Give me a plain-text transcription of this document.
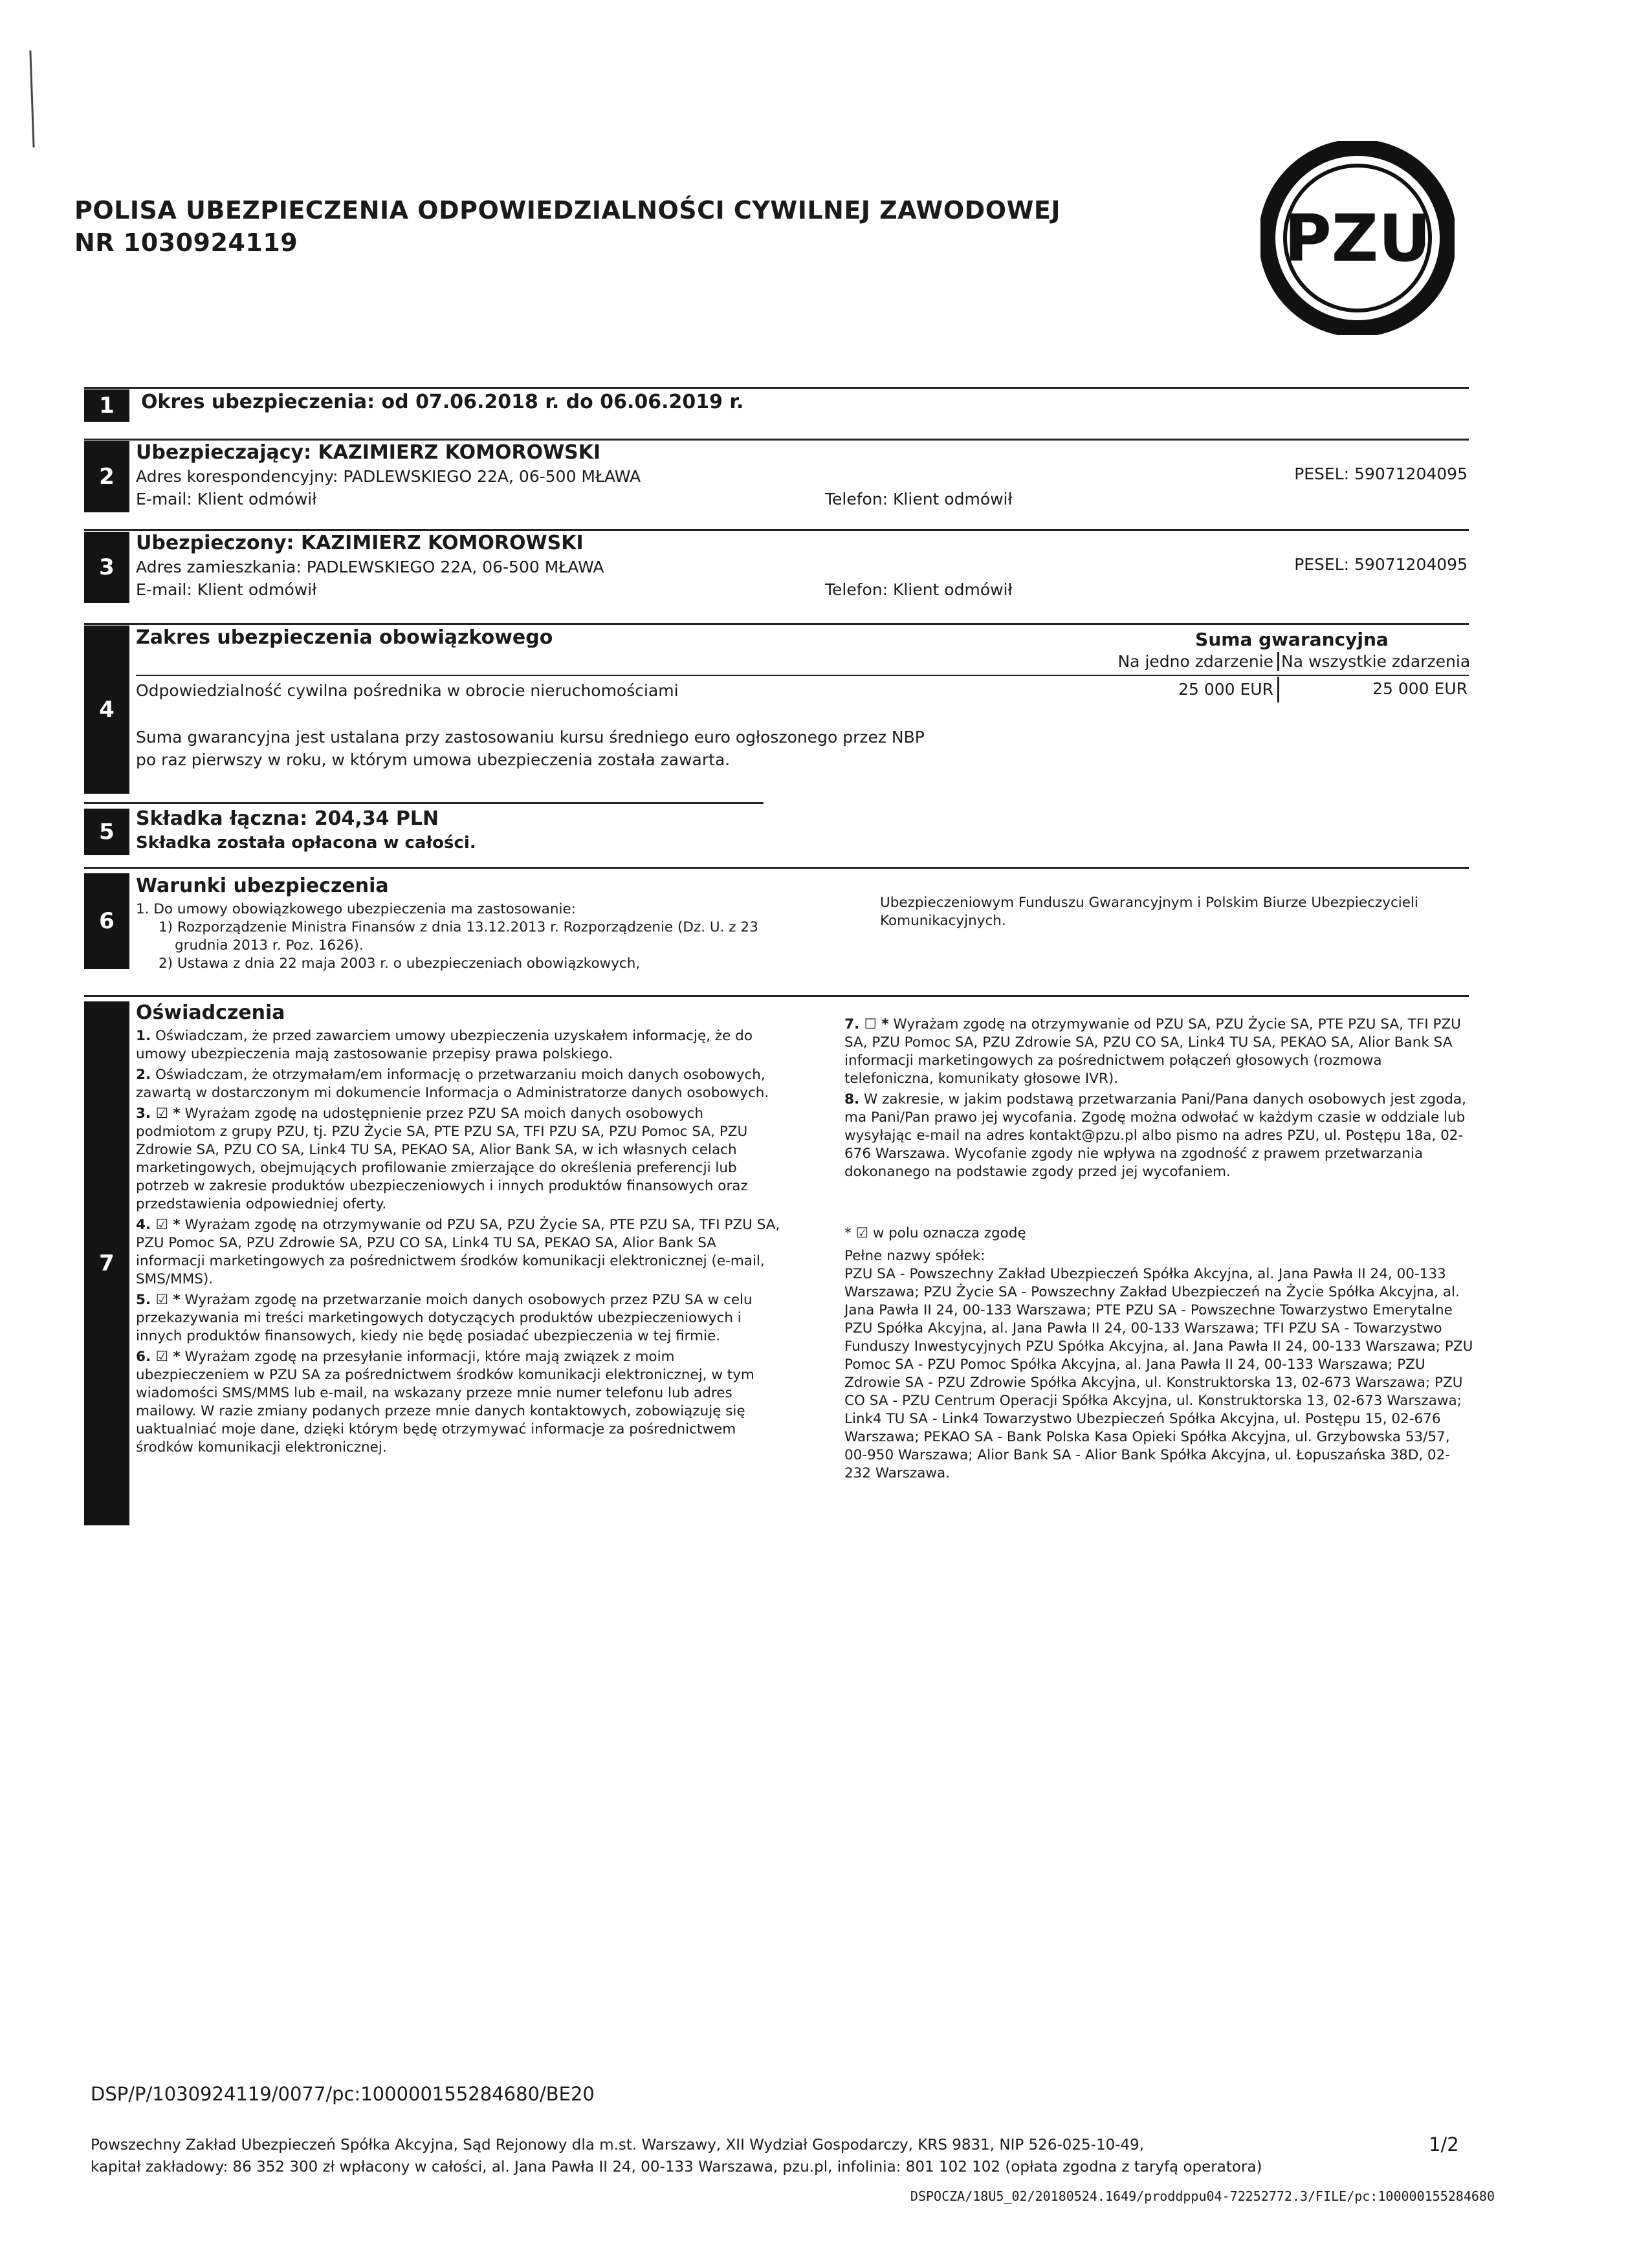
POLISA UBEZPIECZENIA ODPOWIEDZIALNOŚCI CYWILNEJ ZAWODOWEJ
NR 1030924119	PZU
1	Okres ubezpieczenia: od 07.06.2018 r. do 06.06.2019 r.
2
Ubezpieczający: KAZIMIERZ KOMOROWSKI
Adres korespondencyjny: PADLEWSKIEGO 22A, 06-500 MŁAWA
E-mail: Klient odmówił	Telefon: Klient odmówił
PESEL: 59071204095
3
Ubezpieczony: KAZIMIERZ KOMOROWSKI
Adres zamieszkania: PADLEWSKIEGO 22A, 06-500 MŁAWA
E-mail: Klient odmówił	Telefon: Klient odmówił
PESEL: 59071204095
4
Zakres ubezpieczenia obowiązkowego	Suma gwarancyjna
Na jedno zdarzenie Na wszystkie zdarzenia
Odpowiedzialność cywilna pośrednika w obrocie nieruchomościami	25 000 EUR	25 000 EUR
Suma gwarancyjna jest ustalana przy zastosowaniu kursu średniego euro ogłoszonego przez NBP
po raz pierwszy w roku, w którym umowa ubezpieczenia została zawarta.
5
Składka łączna: 204,34 PLN
Składka została opłacona w całości.
6
Warunki ubezpieczenia
1. Do umowy obowiązkowego ubezpieczenia ma zastosowanie:
1) Rozporządzenie Ministra Finansów z dnia 13.12.2013 r. Rozporządzenie (Dz. U. z 23
grudnia 2013 r. Poz. 1626).
2) Ustawa z dnia 22 maja 2003 r. o ubezpieczeniach obowiązkowych,
Ubezpieczeniowym Funduszu Gwarancyjnym i Polskim Biurze Ubezpieczycieli
Komunikacyjnych.
7
Oświadczenia
1. Oświadczam, że przed zawarciem umowy ubezpieczenia uzyskałem informację, że do umowy ubezpieczenia mają zastosowanie przepisy prawa polskiego.
2. Oświadczam, że otrzymałam/em informację o przetwarzaniu moich danych osobowych, zawartą w dostarczonym mi dokumencie Informacja o Administratorze danych osobowych.
3. ☑ * Wyrażam zgodę na udostępnienie przez PZU SA moich danych osobowych podmiotom z grupy PZU, tj. PZU Życie SA, PTE PZU SA, TFI PZU SA, PZU Pomoc SA, PZU Zdrowie SA, PZU CO SA, Link4 TU SA, PEKAO SA, Alior Bank SA, w ich własnych celach marketingowych, obejmujących profilowanie zmierzające do określenia preferencji lub potrzeb w zakresie produktów ubezpieczeniowych i innych produktów finansowych oraz przedstawienia odpowiedniej oferty.
4. ☑ * Wyrażam zgodę na otrzymywanie od PZU SA, PZU Życie SA, PTE PZU SA, TFI PZU SA, PZU Pomoc SA, PZU Zdrowie SA, PZU CO SA, Link4 TU SA, PEKAO SA, Alior Bank SA informacji marketingowych za pośrednictwem środków komunikacji elektronicznej (e-mail, SMS/MMS).
5. ☑ * Wyrażam zgodę na przetwarzanie moich danych osobowych przez PZU SA w celu przekazywania mi treści marketingowych dotyczących produktów ubezpieczeniowych i innych produktów finansowych, kiedy nie będę posiadać ubezpieczenia w tej firmie.
6. ☑ * Wyrażam zgodę na przesyłanie informacji, które mają związek z moim ubezpieczeniem w PZU SA za pośrednictwem środków komunikacji elektronicznej, w tym wiadomości SMS/MMS lub e-mail, na wskazany przeze mnie numer telefonu lub adres mailowy. W razie zmiany podanych przeze mnie danych kontaktowych, zobowiązuję się uaktualniać moje dane, dzięki którym będę otrzymywać informacje za pośrednictwem środków komunikacji elektronicznej.
7. ☐ * Wyrażam zgodę na otrzymywanie od PZU SA, PZU Życie SA, PTE PZU SA, TFI PZU SA, PZU Pomoc SA, PZU Zdrowie SA, PZU CO SA, Link4 TU SA, PEKAO SA, Alior Bank SA informacji marketingowych za pośrednictwem połączeń głosowych (rozmowa telefoniczna, komunikaty głosowe IVR).
8. W zakresie, w jakim podstawą przetwarzania Pani/Pana danych osobowych jest zgoda, ma Pani/Pan prawo jej wycofania. Zgodę można odwołać w każdym czasie w oddziale lub wysyłając e-mail na adres kontakt@pzu.pl albo pismo na adres PZU, ul. Postępu 18a, 02-676 Warszawa. Wycofanie zgody nie wpływa na zgodność z prawem przetwarzania dokonanego na podstawie zgody przed jej wycofaniem.
* ☑ w polu oznacza zgodę
Pełne nazwy spółek:
PZU SA - Powszechny Zakład Ubezpieczeń Spółka Akcyjna, al. Jana Pawła II 24, 00-133 Warszawa; PZU Życie SA - Powszechny Zakład Ubezpieczeń na Życie Spółka Akcyjna, al. Jana Pawła II 24, 00-133 Warszawa; PTE PZU SA - Powszechne Towarzystwo Emerytalne PZU Spółka Akcyjna, al. Jana Pawła II 24, 00-133 Warszawa; TFI PZU SA - Towarzystwo Funduszy Inwestycyjnych PZU Spółka Akcyjna, al. Jana Pawła II 24, 00-133 Warszawa; PZU Pomoc SA - PZU Pomoc Spółka Akcyjna, al. Jana Pawła II 24, 00-133 Warszawa; PZU Zdrowie SA - PZU Zdrowie Spółka Akcyjna, ul. Konstruktorska 13, 02-673 Warszawa; PZU CO SA - PZU Centrum Operacji Spółka Akcyjna, ul. Konstruktorska 13, 02-673 Warszawa; Link4 TU SA - Link4 Towarzystwo Ubezpieczeń Spółka Akcyjna, ul. Postępu 15, 02-676 Warszawa; PEKAO SA - Bank Polska Kasa Opieki Spółka Akcyjna, ul. Grzybowska 53/57, 00-950 Warszawa; Alior Bank SA - Alior Bank Spółka Akcyjna, ul. Łopuszańska 38D, 02-232 Warszawa.
DSP/P/1030924119/0077/pc:100000155284680/BE20
Powszechny Zakład Ubezpieczeń Spółka Akcyjna, Sąd Rejonowy dla m.st. Warszawy, XII Wydział Gospodarczy, KRS 9831, NIP 526-025-10-49,
kapitał zakładowy: 86 352 300 zł wpłacony w całości, al. Jana Pawła II 24, 00-133 Warszawa, pzu.pl, infolinia: 801 102 102 (opłata zgodna z taryfą operatora)
1/2
DSPOCZA/18U5_02/20180524.1649/proddppu04-72252772.3/FILE/pc:100000155284680
